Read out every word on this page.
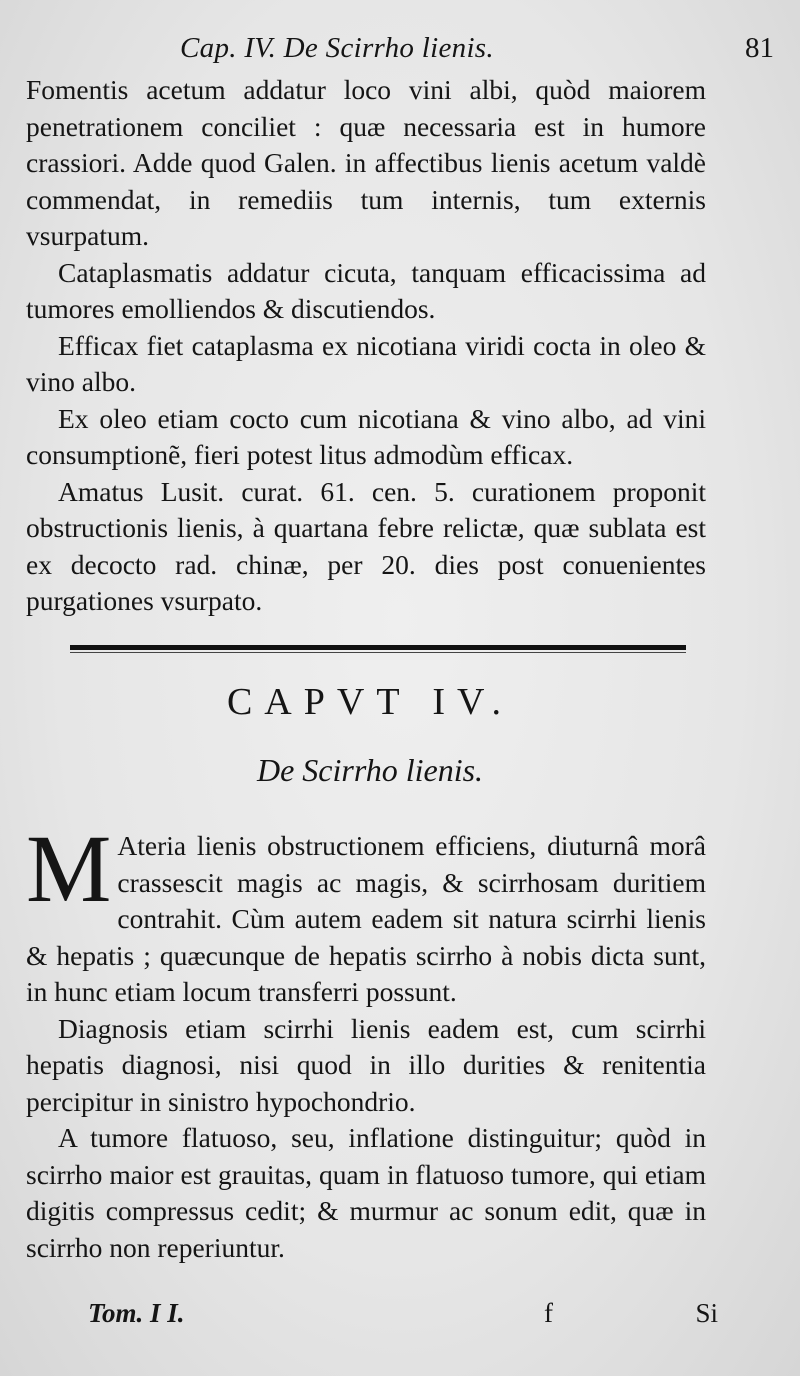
Cap. IV. De Scirrho lienis.	81

Fomentis acetum addatur loco vini albi, quòd maiorem penetrationem conciliet : quæ necessaria est in humore crassiori. Adde quod Galen. in affectibus lienis acetum valdè commendat, in remediis tum internis, tum externis vsurpatum.

Cataplasmatis addatur cicuta, tanquam efficacissima ad tumores emolliendos & discutiendos.

Efficax fiet cataplasma ex nicotiana viridi cocta in oleo & vino albo.

Ex oleo etiam cocto cum nicotiana & vino albo, ad vini consumptionẽ, fieri potest litus admodùm efficax.

Amatus Lusit. curat. 61. cen. 5. curationem proponit obstructionis lienis, à quartana febre relictæ, quæ sublata est ex decocto rad. chinæ, per 20. dies post conuenientes purgationes vsurpato.

CAPVT IV.
De Scirrho lienis.

M Ateria lienis obstructionem efficiens, diuturnâ morâ crassescit magis ac magis, & scirrhosam duritiem contrahit. Cùm autem eadem sit natura scirrhi lienis & hepatis ; quæcunque de hepatis scirrho à nobis dicta sunt, in hunc etiam locum transferri possunt.

Diagnosis etiam scirrhi lienis eadem est, cum scirrhi hepatis diagnosi, nisi quod in illo durities & renitentia percipitur in sinistro hypochondrio.

A tumore flatuoso, seu, inflatione distinguitur; quòd in scirrho maior est grauitas, quam in flatuoso tumore, qui etiam digitis compressus cedit; & murmur ac sonum edit, quæ in scirrho non reperiuntur.

Tom. I I.	f	Si
